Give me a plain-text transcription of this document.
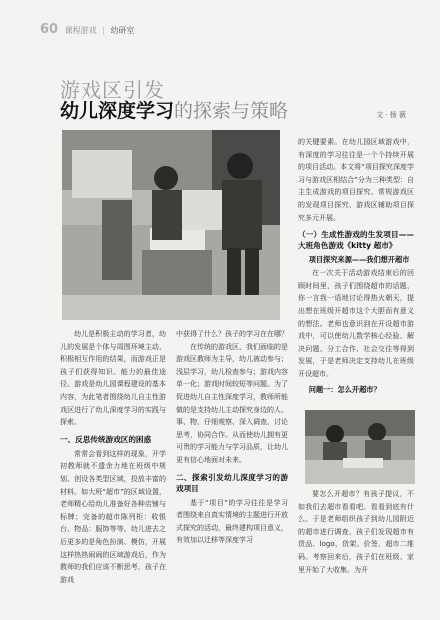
60 课程游戏 | 幼研室
游戏区引发
幼儿深度学习的探索与策略	文 · 杨 薇

幼儿是积极主动的学习者，幼儿的发展是个体与周围环境主动、积极相互作用的结果，而游戏正是孩子们获得知识、能力的最佳途径。游戏是幼儿园课程建设的基本内容，为此笔者围绕幼儿自主性游戏区进行了幼儿深度学习的实践与探索。

一、反思传统游戏区的困惑

常常会看到这样的现象，开学初教师就不遗余力地在班级中规划、创设各类型区域，投放丰富的材料。如大班“超市”的区域设置，老师精心给幼儿准备好各种店铺与标牌；完备的超市陈列柜：收银台、物品：服饰等等。幼儿进去之后更多的是角色扮演、模仿，开展这样热热闹闹的区域游戏后，作为教师的我们应该不断思考，孩子在游戏

中获得了什么？孩子的学习在在哪？

在传统的游戏区，我们面临的是游戏区教师为主导，幼儿被动参与；浅层学习，幼儿检查参与；游戏内容单一化；游戏时间较短等问题。为了促进幼儿自主性深度学习，教师所能做的是支持幼儿主动探究身边的人、事、物，仔细观察、深入调查、讨论思考，协同合作。从而使幼儿拥有更可贵的学习能力与学习品质，让幼儿更有信心地面对未来。

二、探索引发幼儿深度学习的游戏项目

基于“项目”的学习往往是学习者围绕来自真实情境的主题进行开放式探究的活动，最终建构项目意义，有效加以迁移等深度学习

的关键要素。在幼儿园区域游戏中，有深度的学习往往是一个个持续开展的项目活动。本文将“项目探究深度学习与游戏区相结合”分为三种类型：自主生成游戏的项目探究、常规游戏区的发现项目探究、游戏区辅助项目探究多元开展。

（一）生成性游戏的生发项目——大班角色游戏《kitty 超市》
项目探究来源——我们想开超市

在一次关于活动游戏结束后的回顾时间里，孩子们围绕超市的话题，你一言我一语地讨论得热火朝天，提出想在班级开超市这个大胆而有意义的想法。老师也意识到在开设超市游戏中，可以使幼儿数学核心经验、解决问题、分工合作、社会交往等得到发展，于是老师决定支持幼儿在班级开设超市。

问题一：怎么开超市？

要怎么开超市？有孩子提议，不如我们去超市看看吧。看看到底有什么。于是老师组织孩子到幼儿园附近的超市进行调查，孩子们发现超市有货品、logo、货架、价签、超市二维码。考察回来后，孩子们在班级、家里开始了大收集。为开
